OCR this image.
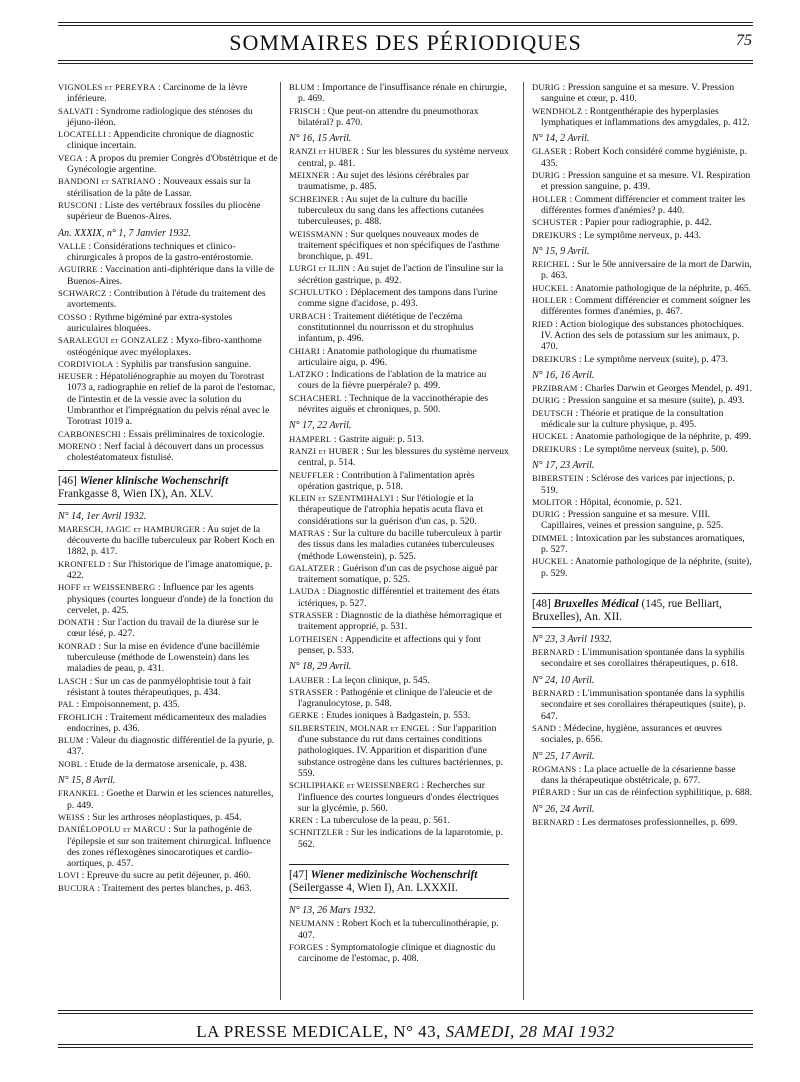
SOMMAIRES DES PÉRIODIQUES	75
VIGNOLES et PEREYRA : Carcinome de la lèvre inférieure.
SALVATI : Syndrome radiologique des sténoses du jéjuno-iléon.
LOCATELLI : Appendicite chronique de diagnostic clinique incertain.
VEGA : A propos du premier Congrès d'Obstétrique et de Gynécologie argentine.
BANDONI et SATRIANO : Nouveaux essais sur la stérilisation de la pâte de Lassar.
RUSCONI : Liste des vertébraux fossiles du pliocène supérieur de Buenos-Aires.
An. XXXIX, n° 1, 7 Janvier 1932.
VALLE : Considérations techniques et clinico-chirurgicales à propos de la gastro-entérostomie.
AGUIRRE : Vaccination anti-diphtérique dans la ville de Buenos-Aires.
SCHWARCZ : Contribution à l'étude du traitement des avortements.
COSSO : Rythme bigéminé par extra-systoles auriculaires bloquées.
SARALEGUI et GONZALEZ : Myxo-fibro-xanthome ostéogénique avec myéloplaxes.
CORDIVIOLA : Syphilis par transfusion sanguine.
HEUSER : Hépatoliénographie au moyen du Torotrast 1073 a, radiographie en relief de la paroi de l'estomac, de l'intestin et de la vessie avec la solution du Umbranthor et l'imprégnation du pelvis rénal avec le Torotrast 1019 a.
CARBONESCHI : Essais préliminaires de toxicologie.
MORENO : Nerf facial à découvert dans un processus cholestéatomateux fistulisé.
[46] Wiener klinische Wochenschrift Frankgasse 8, Wien IX), An. XLV.
N° 14, 1er Avril 1932.
MARESCH, JAGIC et HAMBURGER : Au sujet de la découverte du bacille tuberculeux par Robert Koch en 1882, p. 417.
KRONFELD : Sur l'historique de l'image anatomique, p. 422.
HOFF et WEISSENBERG : Influence par les agents physiques (courtes longueur d'onde) de la fonction du cervelet, p. 425.
DONATH : Sur l'action du travail de la diurèse sur le cœur lésé, p. 427.
KONRAD : Sur la mise en évidence d'une bacillémie tuberculeuse (méthode de Lowenstein) dans les maladies de peau, p. 431.
LASCH : Sur un cas de panmyélophtisie tout à fait résistant à toutes thérapeutiques, p. 434.
PAL : Empoisonnement, p. 435.
FROHLICH : Traitement médicamenteux des maladies endocrines, p. 436.
BLUM : Valeur du diagnostic différentiel de la pyurie, p. 437.
NOBL : Etude de la dermatose arsenicale, p. 438.
N° 15, 8 Avril.
FRANKEL : Goethe et Darwin et les sciences naturelles, p. 449.
WEISS : Sur les arthroses néoplastiques, p. 454.
DANIÉLOPOLU et MARCU : Sur la pathogénie de l'épilepsie et sur son traitement chirurgical. Influence des zones réflexogènes sinocarotiques et cardio-aortiques, p. 457.
LOVI : Epreuve du sucre au petit déjeuner, p. 460.
BUCURA : Traitement des pertes blanches, p. 463.
BLUM : Importance de l'insuffisance rénale en chirurgie, p. 469.
FRISCH : Que peut-on attendre du pneumothorax bilatéral? p. 470.
N° 16, 15 Avril.
RANZI et HUBER : Sur les blessures du système nerveux central, p. 481.
MEIXNER : Au sujet des lésions cérébrales par traumatisme, p. 485.
SCHREINER : Au sujet de la culture du bacille tuberculeux du sang dans les affections cutanées tuberculeuses, p. 488.
WEISSMANN : Sur quelques nouveaux modes de traitement spécifiques et non spécifiques de l'asthme bronchique, p. 491.
LURGI et ILJIN : Au sujet de l'action de l'insuline sur la sécrétion gastrique, p. 492.
SCHULUTKO : Déplacement des tampons dans l'urine comme signe d'acidose, p. 493.
URBACH : Traitement diététique de l'eczéma constitutionnel du nourrisson et du strophulus infantum, p. 496.
CHIARI : Anatomie pathologique du rhumatisme articulaire aigu, p. 496.
LATZKO : Indications de l'ablation de la matrice au cours de la fièvre puerpérale? p. 499.
SCHACHERL : Technique de la vaccinothérapie des névrites aiguës et chroniques, p. 500.
N° 17, 22 Avril.
HAMPERL : Gastrite aiguë: p. 513.
RANZI et HUBER : Sur les blessures du système nerveux central, p. 514.
NEUFFLER : Contribution à l'alimentation après opération gastrique, p. 518.
KLEIN et SZENTMIHALYI : Sur l'étiologie et la thérapeutique de l'atrophia hepatis acuta flava et considérations sur la guérison d'un cas, p. 520.
MATRAS : Sur la culture du bacille tuberculeux à partir des tissus dans les maladies cutanées tuberculeuses (méthode Lowenstein), p. 525.
GALATZER : Guérison d'un cas de psychose aiguë par traitement somatique, p. 525.
LAUDA : Diagnostic différentiel et traitement des états ictériques, p. 527.
STRASSER : Diagnostic de la diathèse hémorragique et traitement approprié, p. 531.
LOTHEISEN : Appendicite et affections qui y font penser, p. 533.
N° 18, 29 Avril.
LAUBER : La leçon clinique, p. 545.
STRASSER : Pathogénie et clinique de l'aleucie et de l'agranulocytose, p. 548.
GERKE : Etudes ioniques à Badgastein, p. 553.
SILBERSTEIN, MOLNAR et ENGEL : Sur l'apparition d'une substance du rut dans certaines conditions pathologiques. IV. Apparition et disparition d'une substance ostrogène dans les cultures bactériennes, p. 559.
SCHLIPHAKE et WEISSENBERG : Recherches sur l'influence des courtes longueurs d'ondes électriques sur la glycémie, p. 560.
KREN : La tuberculose de la peau, p. 561.
SCHNITZLER : Sur les indications de la laparotomie, p. 562.
[47] Wiener medizinische Wochenschrift (Seilergasse 4, Wien I), An. LXXXII.
N° 13, 26 Mars 1932.
NEUMANN : Robert Koch et la tuberculinothérapie, p. 407.
FORGES : Symptomatologie clinique et diagnostic du carcinome de l'estomac, p. 408.
DURIG : Pression sanguine et sa mesure. V. Pression sanguine et cœur, p. 410.
WENDHOLZ : Rontgenthérapie des hyperplasies lymphatiques et inflammations des amygdales, p. 412.
N° 14, 2 Avril.
GLASER : Robert Koch considéré comme hygiéniste, p. 435.
DURIG : Pression sanguine et sa mesure. VI. Respiration et pression sanguine, p. 439.
HOLLER : Comment différencier et comment traiter les différentes formes d'anémies? p. 440.
SCHUSTER : Papier pour radiographie, p. 442.
DREIKURS : Le symptôme nerveux, p. 443.
N° 15, 9 Avril.
REICHEL : Sur le 50e anniversaire de la mort de Darwin, p. 463.
HUCKEL : Anatomie pathologique de la néphrite, p. 465.
HOLLER : Comment différencier et comment soigner les différentes formes d'anémies, p. 467.
RIED : Action biologique des substances photochiques. IV. Action des sels de potassium sur les animaux, p. 470.
DREIKURS : Le symptôme nerveux (suite), p. 473.
N° 16, 16 Avril.
PRZIBRAM : Charles Darwin et Georges Mendel, p. 491.
DURIG : Pression sanguine et sa mesure (suite), p. 493.
DEUTSCH : Théorie et pratique de la consultation médicale sur la culture physique, p. 495.
HUCKEL : Anatomie pathologique de la néphrite, p. 499.
DREIKURS : Le symptôme nerveux (suite), p. 500.
N° 17, 23 Avril.
BIBERSTEIN : Sclérose des varices par injections, p. 519.
MOLITOR : Hôpital, économie, p. 521.
DURIG : Pression sanguine et sa mesure. VIII. Capillaires, veines et pression sanguine, p. 525.
DIMMEL : Intoxication par les substances aromatiques, p. 527.
HUCKEL : Anatomie pathologique de la néphrite, (suite), p. 529.
[48] Bruxelles Médical (145, rue Belliart, Bruxelles), An. XII.
N° 23, 3 Avril 1932.
BERNARD : L'immunisation spontanée dans la syphilis secondaire et ses corollaires thérapeutiques, p. 618.
N° 24, 10 Avril.
BERNARD : L'immunisation spontanée dans la syphilis secondaire et ses corollaires thérapeutiques (suite), p. 647.
SAND : Médecine, hygiène, assurances et œuvres sociales, p. 656.
N° 25, 17 Avril.
ROGMANS : La place actuelle de la césarienne basse dans la thérapeutique obstétricale, p. 677.
PIÉRARD : Sur un cas de réinfection syphilitique, p. 688.
N° 26, 24 Avril.
BERNARD : Les dermatoses professionnelles, p. 699.
LA PRESSE MEDICALE, N° 43, SAMEDI, 28 MAI 1932
